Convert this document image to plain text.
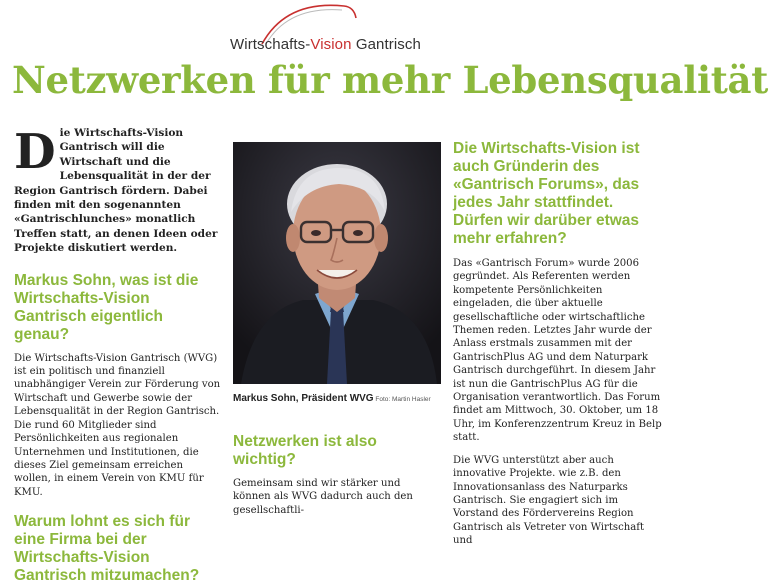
Wirtschafts-Vision Gantrisch
Netzwerken für mehr Lebensqualität
Die Wirtschafts-Vision Gantrisch will die Wirtschaft und die Lebensqualität in der der Region Gantrisch fördern. Dabei finden mit den sogenannten «Gantrischlunches» monatlich Treffen statt, an denen Ideen oder Projekte diskutiert werden.
Markus Sohn, was ist die Wirtschafts-Vision Gantrisch eigentlich genau?
Die Wirtschafts-Vision Gantrisch (WVG) ist ein politisch und finanziell unabhängiger Verein zur Förderung von Wirtschaft und Gewerbe sowie der Lebensqualität in der Region Gantrisch. Die rund 60 Mitglieder sind Persönlichkeiten aus regionalen Unternehmen und Institutionen, die dieses Ziel gemeinsam erreichen wollen, in einem Verein von KMU für KMU.
Warum lohnt es sich für eine Firma bei der Wirtschafts-Vision Gantrisch mitzumachen?
Markus Sohn, Präsident WVG Foto: Martin Hasler
Netzwerken ist also wichtig?
Gemeinsam sind wir stärker und können als WVG dadurch auch den gesellschaftli-
Die Wirtschafts-Vision ist auch Gründerin des «Gantrisch Forums», das jedes Jahr stattfindet. Dürfen wir darüber etwas mehr erfahren?
Das «Gantrisch Forum» wurde 2006 gegründet. Als Referenten werden kompetente Persönlichkeiten eingeladen, die über aktuelle gesellschaftliche oder wirtschaftliche Themen reden. Letztes Jahr wurde der Anlass erstmals zusammen mit der GantrischPlus AG und dem Naturpark Gantrisch durchgeführt. In diesem Jahr ist nun die GantrischPlus AG für die Organisation verantwortlich. Das Forum findet am Mittwoch, 30. Oktober, um 18 Uhr, im Konferenzzentrum Kreuz in Belp statt.
Die WVG unterstützt aber auch innovative Projekte. wie z.B. den Innovationsanlass des Naturparks Gantrisch. Sie engagiert sich im Vorstand des Fördervereins Region Gantrisch als Vetreter von Wirtschaft und
